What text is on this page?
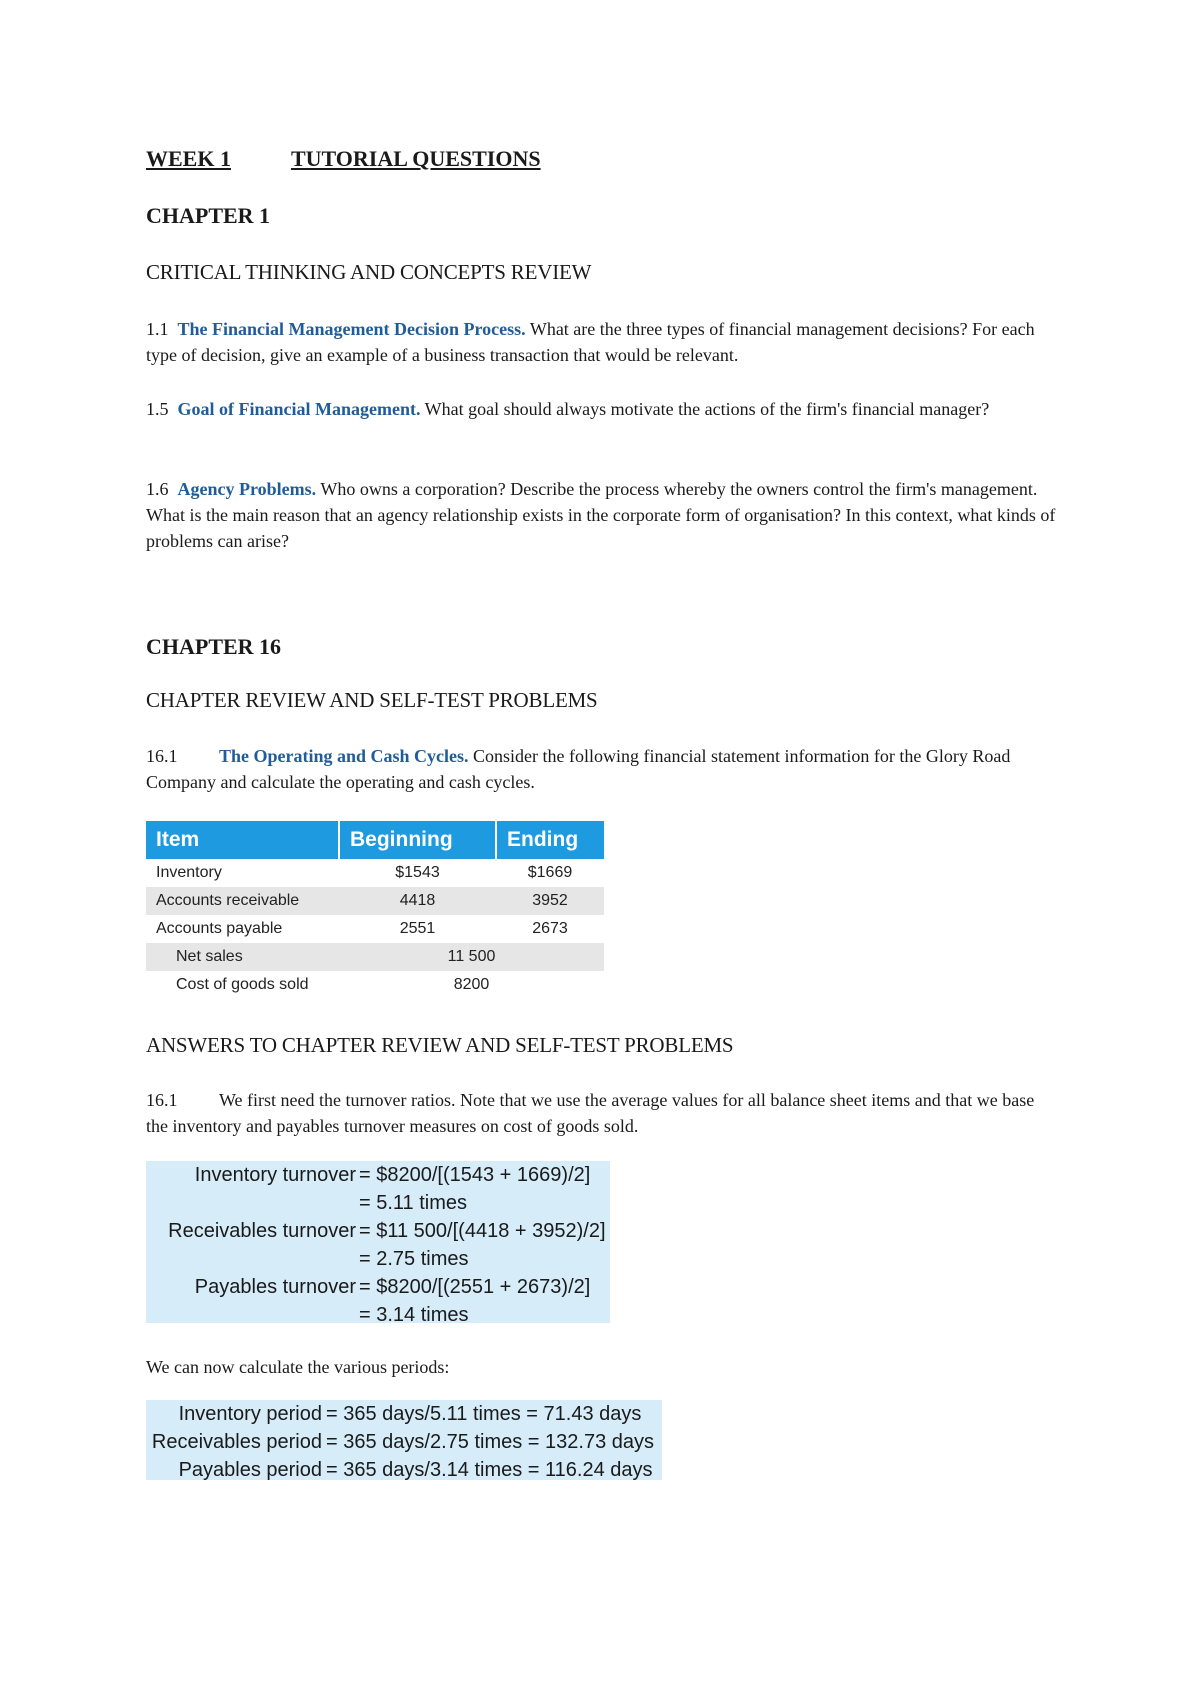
WEEK 1	TUTORIAL QUESTIONS
CHAPTER 1
CRITICAL THINKING AND CONCEPTS REVIEW
1.1 The Financial Management Decision Process. What are the three types of financial management decisions? For each type of decision, give an example of a business transaction that would be relevant.
1.5 Goal of Financial Management. What goal should always motivate the actions of the firm's financial manager?
1.6 Agency Problems. Who owns a corporation? Describe the process whereby the owners control the firm's management. What is the main reason that an agency relationship exists in the corporate form of organisation? In this context, what kinds of problems can arise?
CHAPTER 16
CHAPTER REVIEW AND SELF-TEST PROBLEMS
16.1 The Operating and Cash Cycles. Consider the following financial statement information for the Glory Road Company and calculate the operating and cash cycles.
Item	Beginning	Ending
Inventory	$1543	$1669
Accounts receivable	4418	3952
Accounts payable	2551	2673
Net sales	11 500	
Cost of goods sold	8200	
ANSWERS TO CHAPTER REVIEW AND SELF-TEST PROBLEMS
16.1 We first need the turnover ratios. Note that we use the average values for all balance sheet items and that we base the inventory and payables turnover measures on cost of goods sold.
Inventory turnover = $8200/[(1543 + 1669)/2]
= 5.11 times
Receivables turnover = $11 500/[(4418 + 3952)/2]
= 2.75 times
Payables turnover = $8200/[(2551 + 2673)/2]
= 3.14 times
We can now calculate the various periods:
Inventory period = 365 days/5.11 times = 71.43 days
Receivables period = 365 days/2.75 times = 132.73 days
Payables period = 365 days/3.14 times = 116.24 days
